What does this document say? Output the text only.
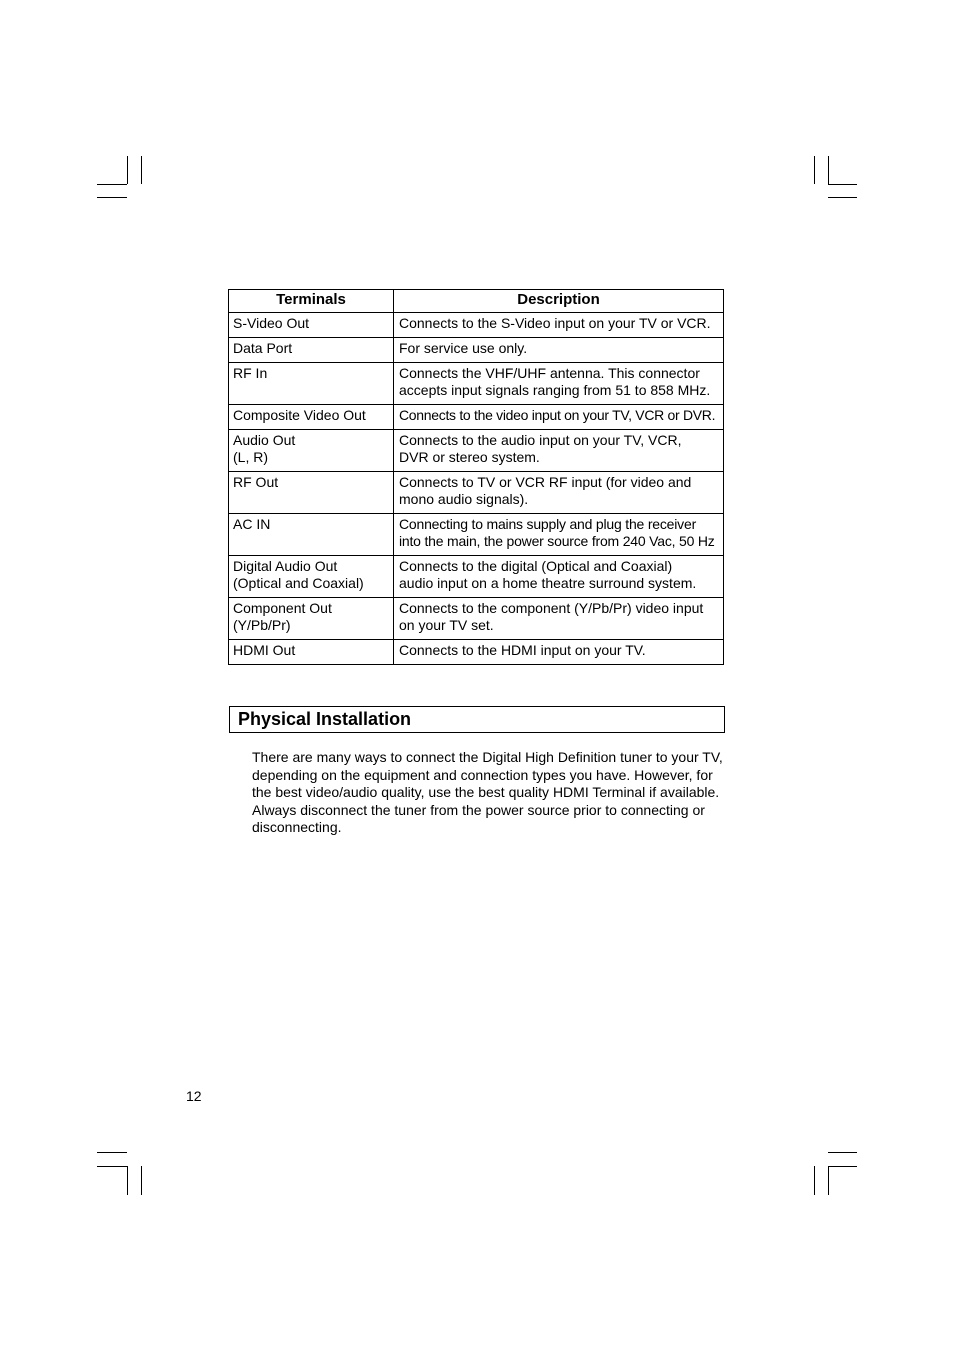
Terminals	Description
S-Video Out	Connects to the S-Video input on your TV or VCR.
Data Port	For service use only.
RF In	Connects the VHF/UHF antenna. This connector
accepts input signals ranging from 51 to 858 MHz.
Composite Video Out	Connects to the video input on your TV, VCR or DVR.
Audio Out
(L, R)	Connects to the audio input on your TV, VCR,
DVR or stereo system.
RF Out	Connects to TV or VCR RF input (for video and
mono audio signals).
AC IN	Connecting to mains supply and plug the receiver
into the main, the power source from 240 Vac, 50 Hz
Digital Audio Out
(Optical and Coaxial)	Connects to the digital (Optical and Coaxial)
audio input on a home theatre surround system.
Component Out
(Y/Pb/Pr)	Connects to the component (Y/Pb/Pr) video input
on your TV set.
HDMI Out	Connects to the HDMI input on your TV.
Physical Installation

There are many ways to connect the Digital High Definition tuner to your TV, depending on the equipment and connection types you have. However, for the best video/audio quality, use the best quality HDMI Terminal if available. Always disconnect the tuner from the power source prior to connecting or disconnecting.

12
